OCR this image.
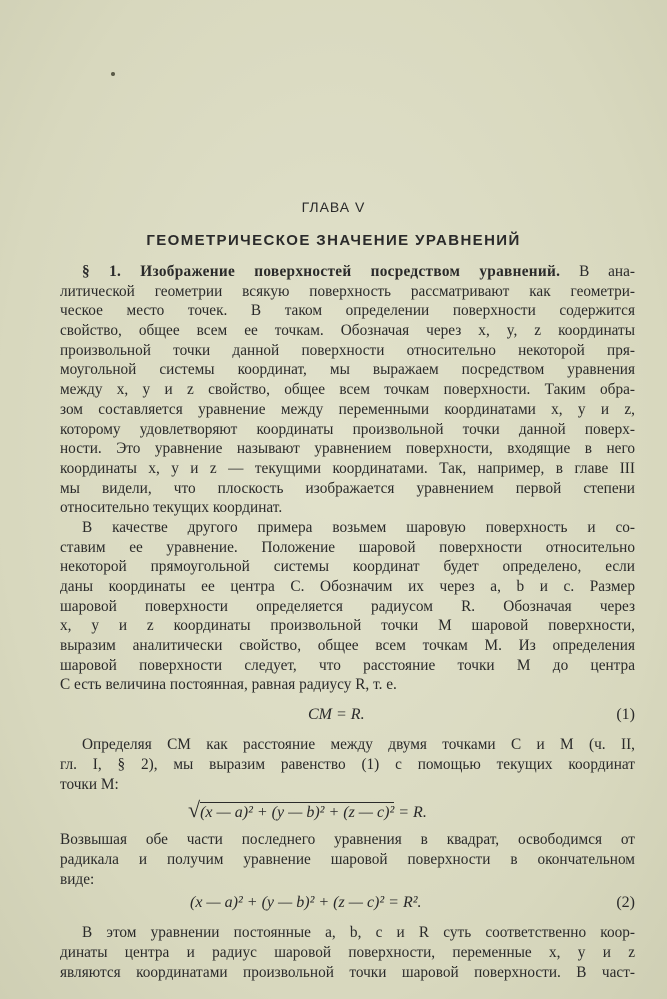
ГЛАВА V
ГЕОМЕТРИЧЕСКОЕ ЗНАЧЕНИЕ УРАВНЕНИЙ
§ 1. Изображение поверхностей посредством уравнений. В ана-
литической геометрии всякую поверхность рассматривают как геометри-
ческое место точек. В таком определении поверхности содержится
свойство, общее всем ее точкам. Обозначая через x, y, z координаты
произвольной точки данной поверхности относительно некоторой пря-
моугольной системы координат, мы выражаем посредством уравнения
между x, y и z свойство, общее всем точкам поверхности. Таким обра-
зом составляется уравнение между переменными координатами x, y и z,
которому удовлетворяют координаты произвольной точки данной поверх-
ности. Это уравнение называют уравнением поверхности, входящие в него
координаты x, y и z — текущими координатами. Так, например, в главе III
мы видели, что плоскость изображается уравнением первой степени
относительно текущих координат.
В качестве другого примера возьмем шаровую поверхность и со-
ставим ее уравнение. Положение шаровой поверхности относительно
некоторой прямоугольной системы координат будет определено, если
даны координаты ее центра C. Обозначим их через a, b и c. Размер
шаровой поверхности определяется радиусом R. Обозначая через
x, y и z координаты произвольной точки M шаровой поверхности,
выразим аналитически свойство, общее всем точкам M. Из определения
шаровой поверхности следует, что расстояние точки M до центра
C есть величина постоянная, равная радиусу R, т. е.
CM = R.	(1)
Определяя CM как расстояние между двумя точками C и M (ч. II,
гл. I, § 2), мы выразим равенство (1) с помощью текущих координат
точки M:
√(x — a)² + (y — b)² + (z — c)² = R.
Возвышая обе части последнего уравнения в квадрат, освободимся от
радикала и получим уравнение шаровой поверхности в окончательном
виде:
(x — a)² + (y — b)² + (z — c)² = R².	(2)
В этом уравнении постоянные a, b, c и R суть соответственно коор-
динаты центра и радиус шаровой поверхности, переменные x, y и z
являются координатами произвольной точки шаровой поверхности. В част-
